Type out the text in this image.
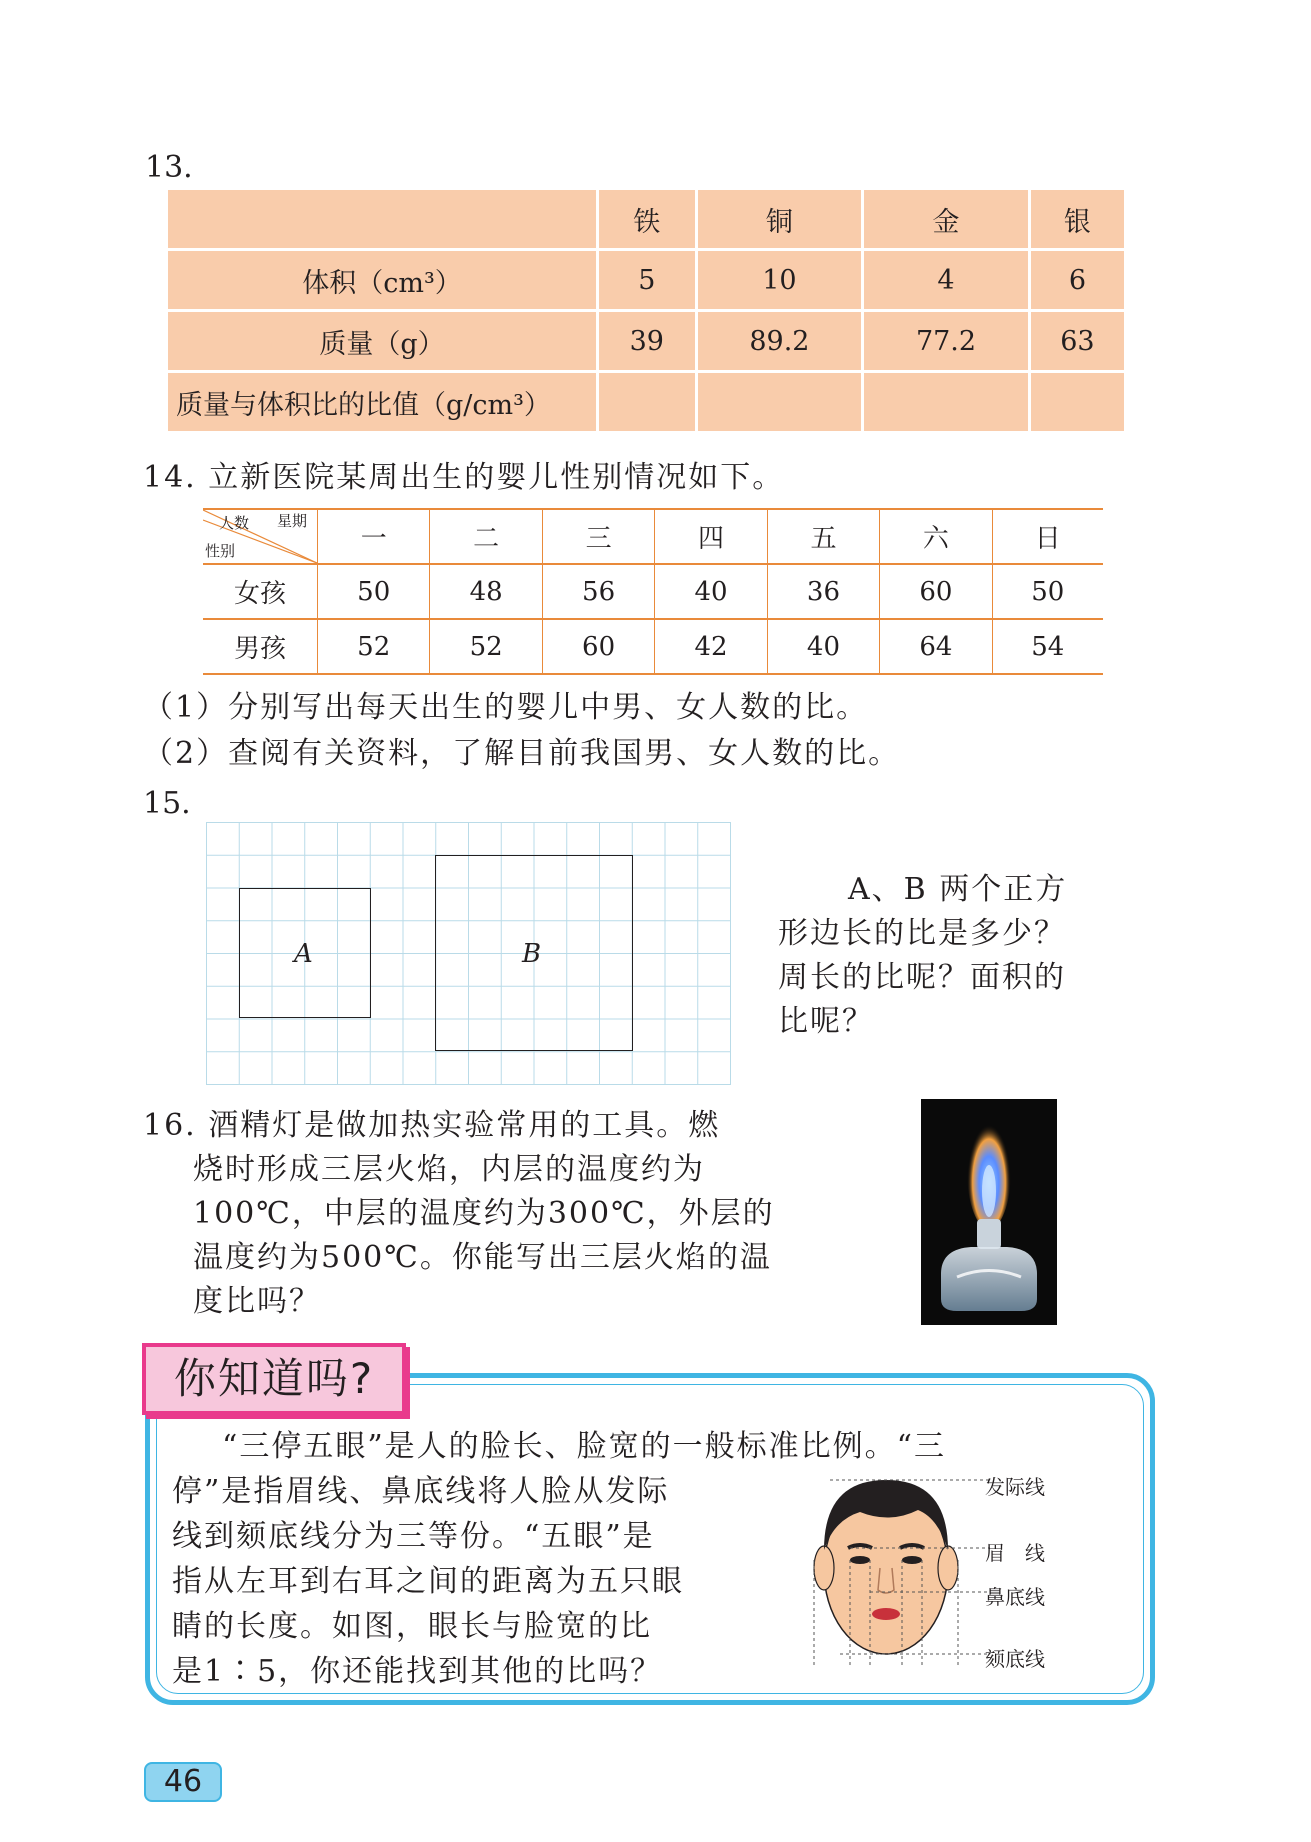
13.
	铁	铜	金	银
体积（cm³）	5	10	4	6
质量（g）	39	89.2	77.2	63
质量与体积比的比值（g/cm³）				
14. 立新医院某周出生的婴儿性别情况如下。
人数 星期
性别	一	二	三	四	五	六	日
女孩	50	48	56	40	36	60	50
男孩	52	52	60	42	40	64	54
（1）分别写出每天出生的婴儿中男、女人数的比。
（2）查阅有关资料，了解目前我国男、女人数的比。
15.
A	B
A、B 两个正方
形边长的比是多少？
周长的比呢？面积的
比呢？
16. 酒精灯是做加热实验常用的工具。燃
烧时形成三层火焰，内层的温度约为
100℃，中层的温度约为300℃，外层的
温度约为500℃。你能写出三层火焰的温
度比吗？
你知道吗?
“三停五眼”是人的脸长、脸宽的一般标准比例。“三
停”是指眉线、鼻底线将人脸从发际
线到颏底线分为三等份。“五眼”是
指从左耳到右耳之间的距离为五只眼
睛的长度。如图，眼长与脸宽的比
是1∶5，你还能找到其他的比吗？
发际线
眉　线
鼻底线
颏底线
46
